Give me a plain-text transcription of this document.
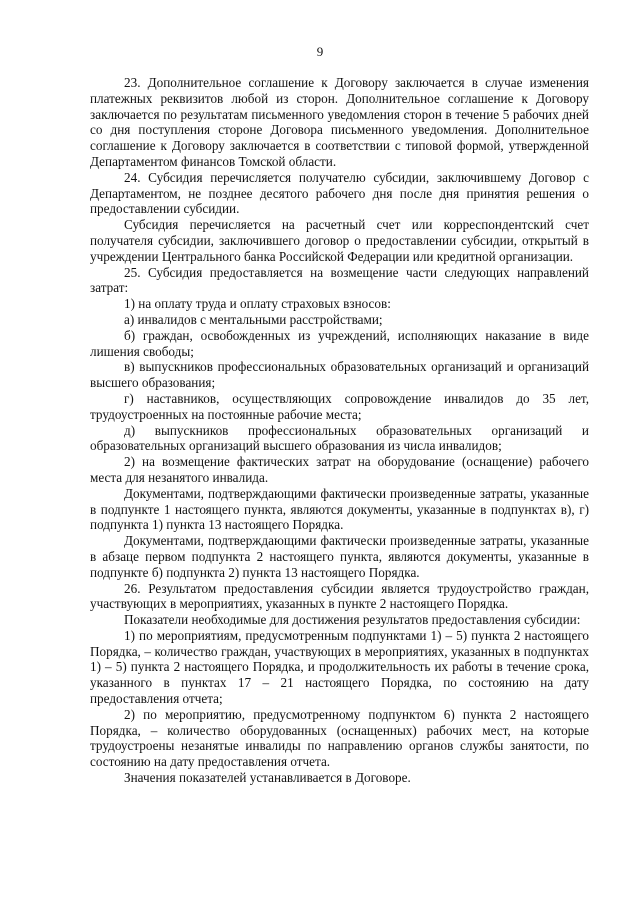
9

23. Дополнительное соглашение к Договору заключается в случае изменения платежных реквизитов любой из сторон. Дополнительное соглашение к Договору заключается по результатам письменного уведомления сторон в течение 5 рабочих дней со дня поступления стороне Договора письменного уведомления. Дополнительное соглашение к Договору заключается в соответствии с типовой формой, утвержденной Департаментом финансов Томской области.

24. Субсидия перечисляется получателю субсидии, заключившему Договор с Департаментом, не позднее десятого рабочего дня после дня принятия решения о предоставлении субсидии.

Субсидия перечисляется на расчетный счет или корреспондентский счет получателя субсидии, заключившего договор о предоставлении субсидии, открытый в учреждении Центрального банка Российской Федерации или кредитной организации.

25. Субсидия предоставляется на возмещение части следующих направлений затрат:

1) на оплату труда и оплату страховых взносов:

а) инвалидов с ментальными расстройствами;

б) граждан, освобожденных из учреждений, исполняющих наказание в виде лишения свободы;

в) выпускников профессиональных образовательных организаций и организаций высшего образования;

г) наставников, осуществляющих сопровождение инвалидов до 35 лет, трудоустроенных на постоянные рабочие места;

д) выпускников профессиональных образовательных организаций и образовательных организаций высшего образования из числа инвалидов;

2) на возмещение фактических затрат на оборудование (оснащение) рабочего места для незанятого инвалида.

Документами, подтверждающими фактически произведенные затраты, указанные в подпункте 1 настоящего пункта, являются документы, указанные в подпунктах в), г) подпункта 1) пункта 13 настоящего Порядка.

Документами, подтверждающими фактически произведенные затраты, указанные в абзаце первом подпункта 2 настоящего пункта, являются документы, указанные в подпункте б) подпункта 2) пункта 13 настоящего Порядка.

26. Результатом предоставления субсидии является трудоустройство граждан, участвующих в мероприятиях, указанных в пункте 2 настоящего Порядка.

Показатели необходимые для достижения результатов предоставления субсидии:

1) по мероприятиям, предусмотренным подпунктами 1) – 5) пункта 2 настоящего Порядка, – количество граждан, участвующих в мероприятиях, указанных в подпунктах 1) – 5) пункта 2 настоящего Порядка, и продолжительность их работы в течение срока, указанного в пунктах 17 – 21 настоящего Порядка, по состоянию на дату предоставления отчета;

2) по мероприятию, предусмотренному подпунктом 6) пункта 2 настоящего Порядка, – количество оборудованных (оснащенных) рабочих мест, на которые трудоустроены незанятые инвалиды по направлению органов службы занятости, по состоянию на дату предоставления отчета.

Значения показателей устанавливается в Договоре.
